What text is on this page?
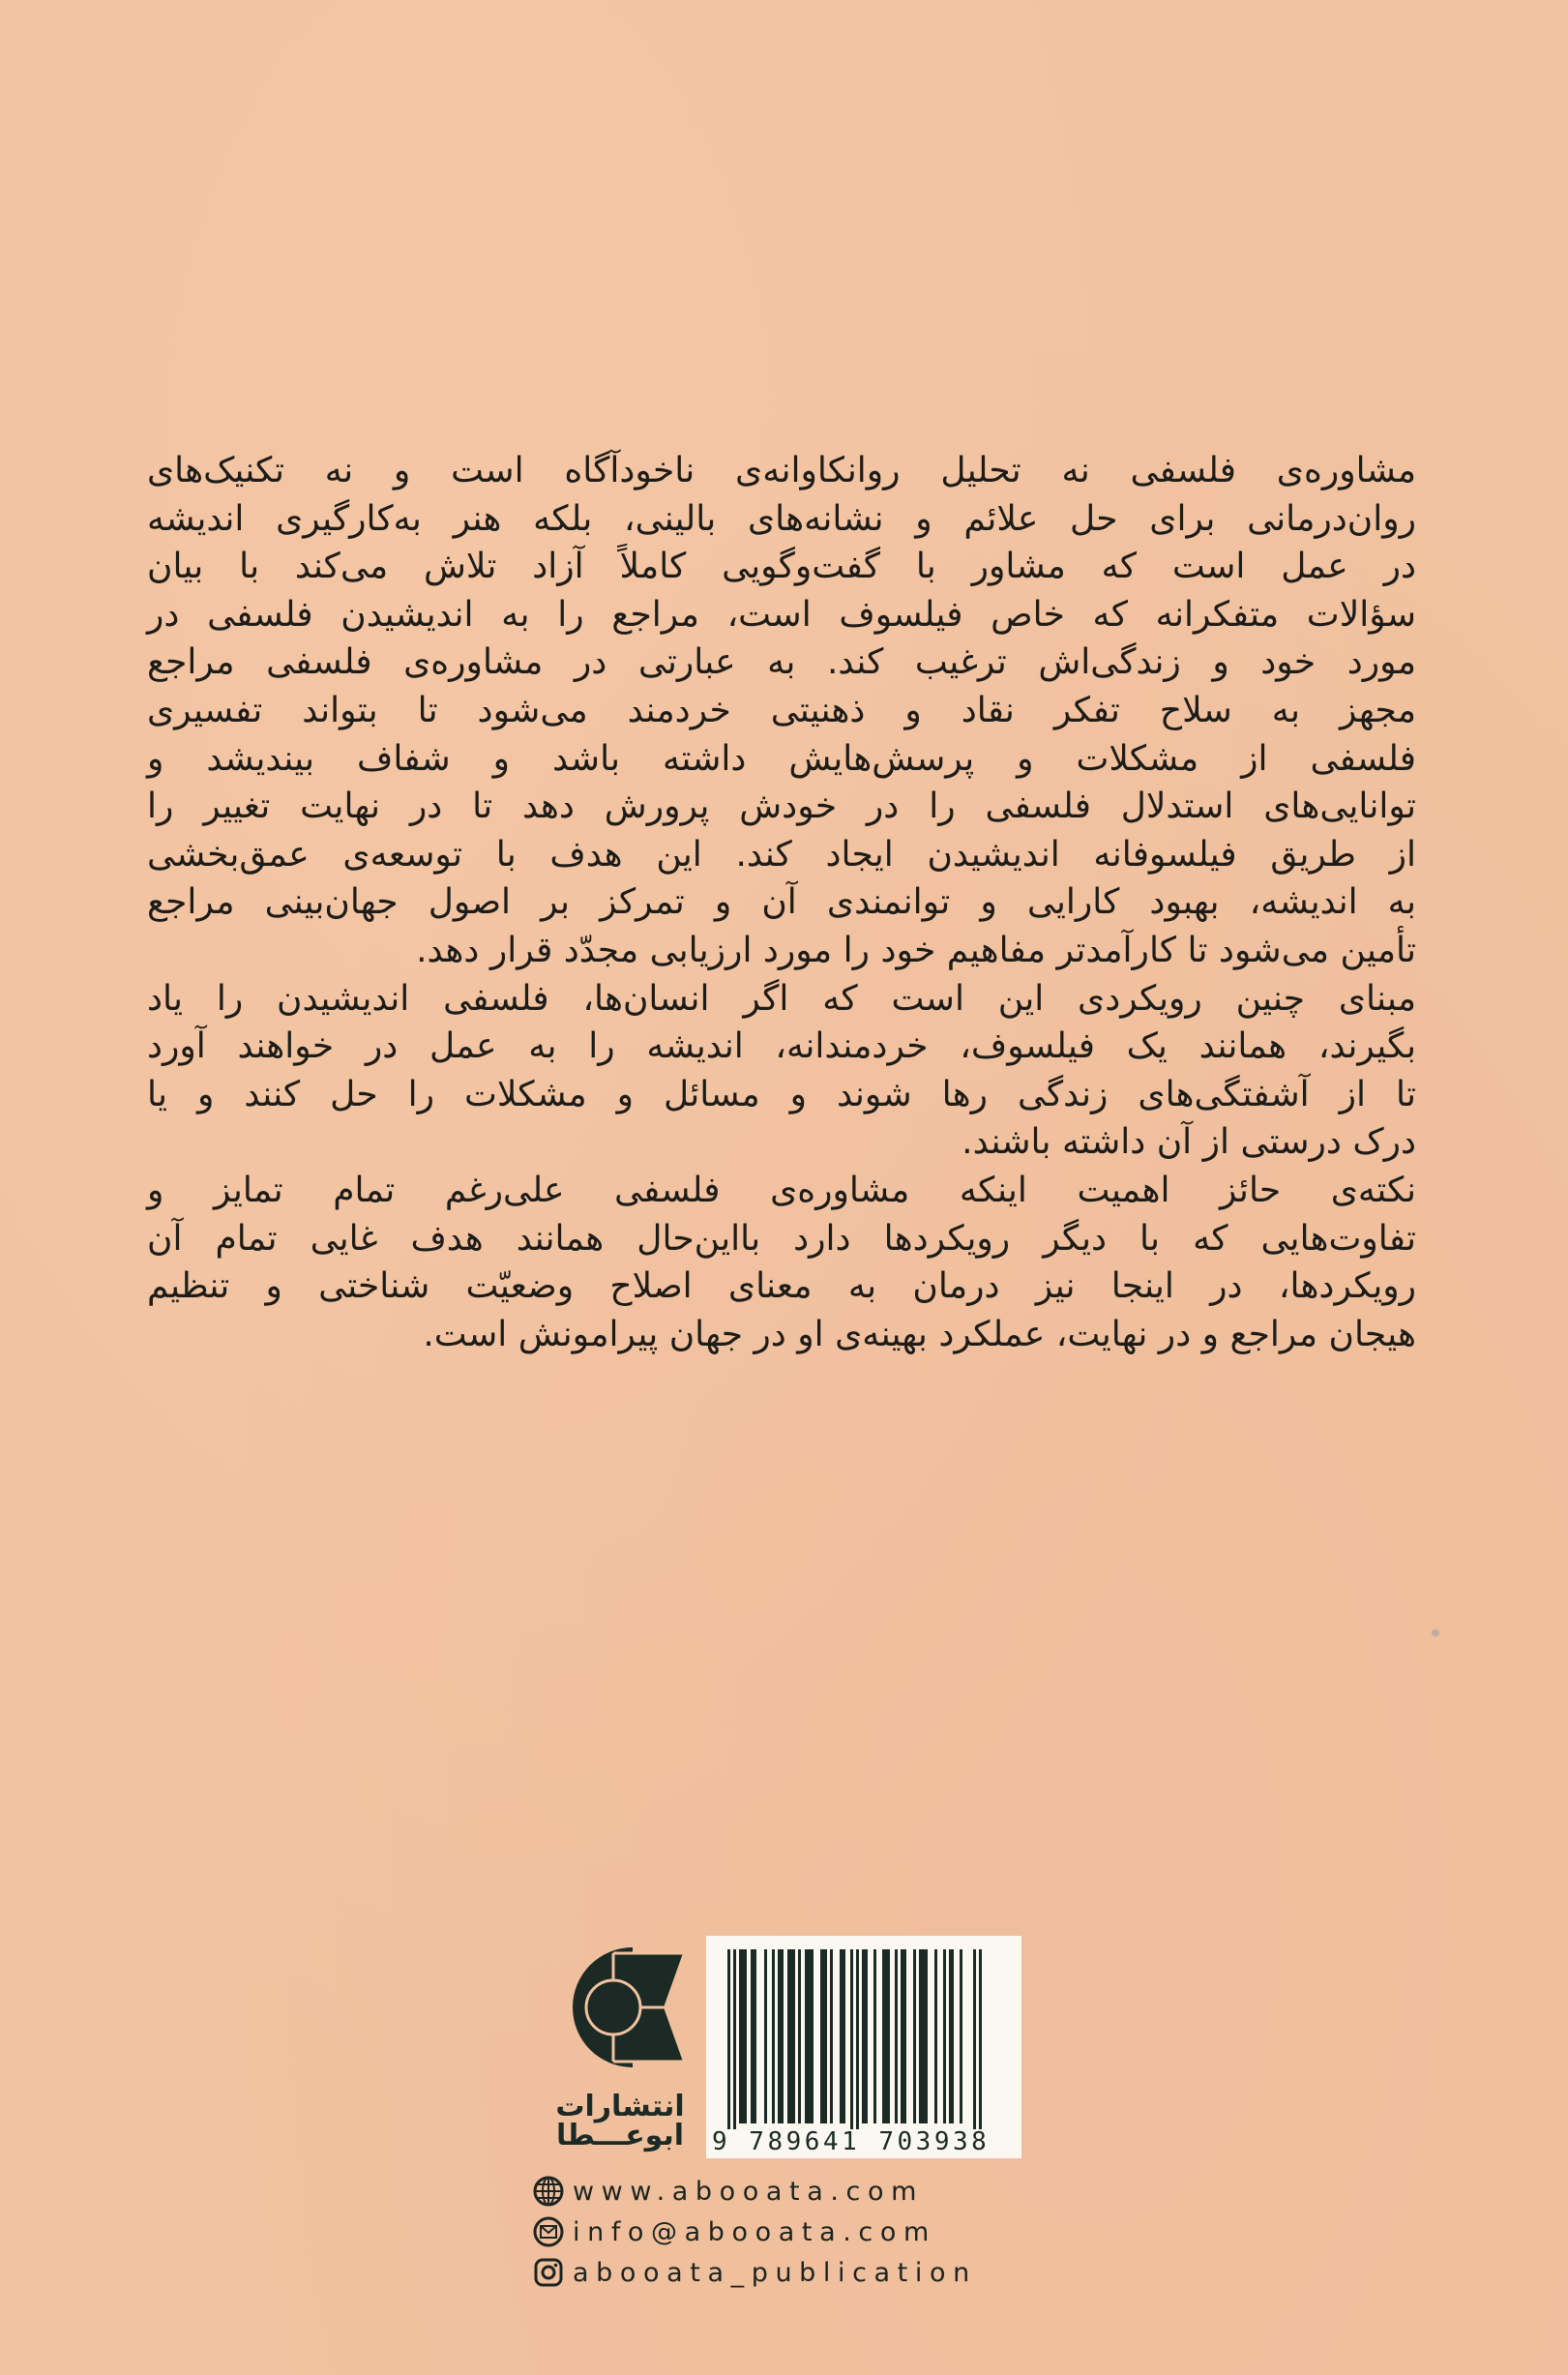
مشاوره‌ی فلسفی نه تحلیل روانکاوانه‌ی ناخودآگاه است و نه تکنیک‌های
روان‌درمانی برای حل علائم و نشانه‌های بالینی، بلکه هنر به‌کارگیری اندیشه
در عمل است که مشاور با گفت‌وگویی کاملاً آزاد تلاش می‌کند با بیان
سؤالات متفکرانه که خاص فیلسوف است، مراجع را به اندیشیدن فلسفی در
مورد خود و زندگی‌اش ترغیب کند. به عبارتی در مشاوره‌ی فلسفی مراجع
مجهز به سلاح تفکر نقاد و ذهنیتی خردمند می‌شود تا بتواند تفسیری
فلسفی از مشکلات و پرسش‌هایش داشته باشد و شفاف بیندیشد و
توانایی‌های استدلال فلسفی را در خودش پرورش دهد تا در نهایت تغییر را
از طریق فیلسوفانه اندیشیدن ایجاد کند. این هدف با توسعه‌ی عمق‌بخشی
به اندیشه، بهبود کارایی و توانمندی آن و تمرکز بر اصول جهان‌بینی مراجع
تأمین می‌شود تا کارآمدتر مفاهیم خود را مورد ارزیابی مجدّد قرار دهد.
مبنای چنین رویکردی این است که اگر انسان‌ها، فلسفی اندیشیدن را یاد
بگیرند، همانند یک فیلسوف، خردمندانه، اندیشه را به عمل در خواهند آورد
تا از آشفتگی‌های زندگی رها شوند و مسائل و مشکلات را حل کنند و یا
درک درستی از آن داشته باشند.
نکته‌ی حائز اهمیت اینکه مشاوره‌ی فلسفی علی‌رغم تمام تمایز و
تفاوت‌هایی که با دیگر رویکردها دارد بااین‌حال همانند هدف غایی تمام آن
رویکردها، در اینجا نیز درمان به معنای اصلاح وضعیّت شناختی و تنظیم
هیجان مراجع و در نهایت، عملکرد بهینه‌ی او در جهان پیرامونش است.
انتشارات
ابوعـــطا	9 789641 703938
www.abooata.com
info@abooata.com
abooata_publication
